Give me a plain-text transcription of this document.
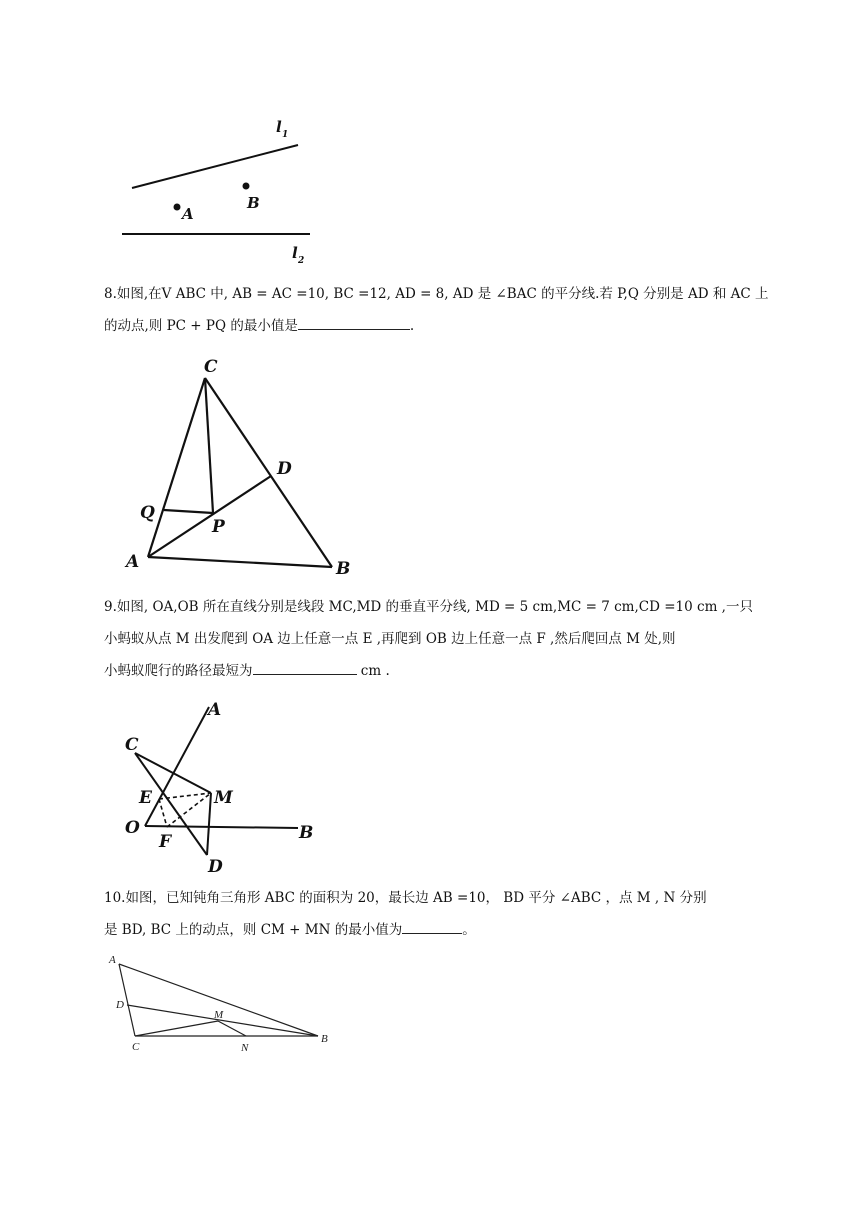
l 1
l 2
A
B
8.如图,在V ABC 中, AB = AC =10, BC =12, AD = 8, AD 是 ∠BAC 的平分线.若 P,Q 分别是 AD 和 AC 上
的动点,则 PC + PQ 的最小值是	.
C
D
Q
P
A	B
9.如图, OA,OB 所在直线分别是线段 MC,MD 的垂直平分线, MD = 5 cm,MC = 7 cm,CD =10 cm ,一只
小蚂蚁从点 M 出发爬到 OA 边上任意一点 E ,再爬到 OB 边上任意一点 F ,然后爬回点 M 处,则
小蚂蚁爬行的路径最短为	cm .
A
C
E	M
O
F	B
D
10.如图，已知钝角三角形 ABC 的面积为 20，最长边 AB =10， BD 平分 ∠ABC ，点 M , N 分别
是 BD, BC 上的动点，则 CM + MN 的最小值为	。
A
D
M
C	N
B
